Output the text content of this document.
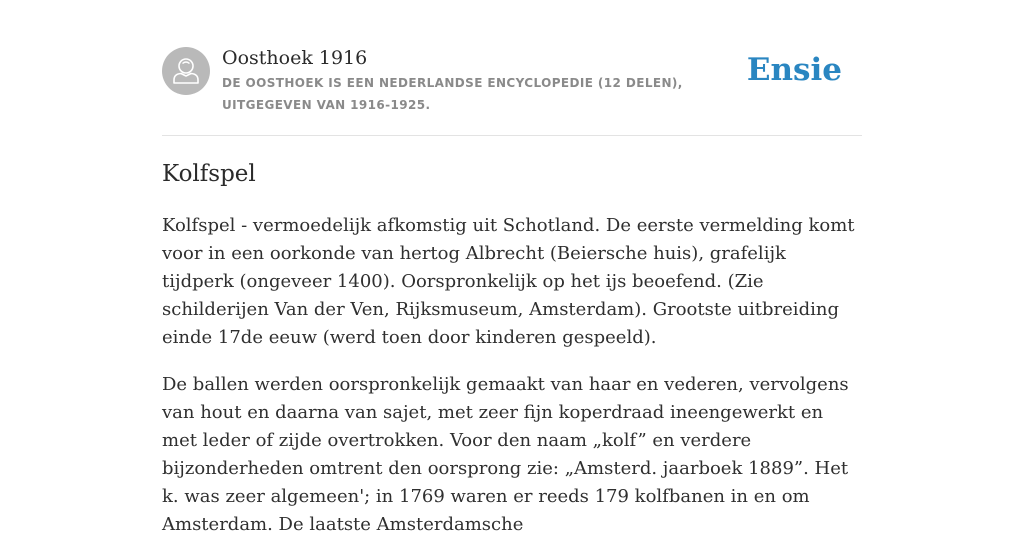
Oosthoek 1916
DE OOSTHOEK IS EEN NEDERLANDSE ENCYCLOPEDIE (12 DELEN), UITGEGEVEN VAN 1916-1925.
Ensie
Kolfspel

Kolfspel - vermoedelijk afkomstig uit Schotland. De eerste vermelding komt voor in een oorkonde van hertog Albrecht (Beiersche huis), grafelijk tijdperk (ongeveer 1400). Oorspronkelijk op het ijs beoefend. (Zie schilderijen Van der Ven, Rijksmuseum, Amsterdam). Grootste uitbreiding einde 17de eeuw (werd toen door kinderen gespeeld).

De ballen werden oorspronkelijk gemaakt van haar en vederen, vervolgens van hout en daarna van sajet, met zeer fijn koperdraad ineengewerkt en met leder of zijde overtrokken. Voor den naam „kolf” en verdere bijzonderheden omtrent den oorsprong zie: „Amsterd. jaarboek 1889”. Het k. was zeer algemeen'; in 1769 waren er reeds 179 kolfbanen in en om Amsterdam. De laatste Amsterdamsche
